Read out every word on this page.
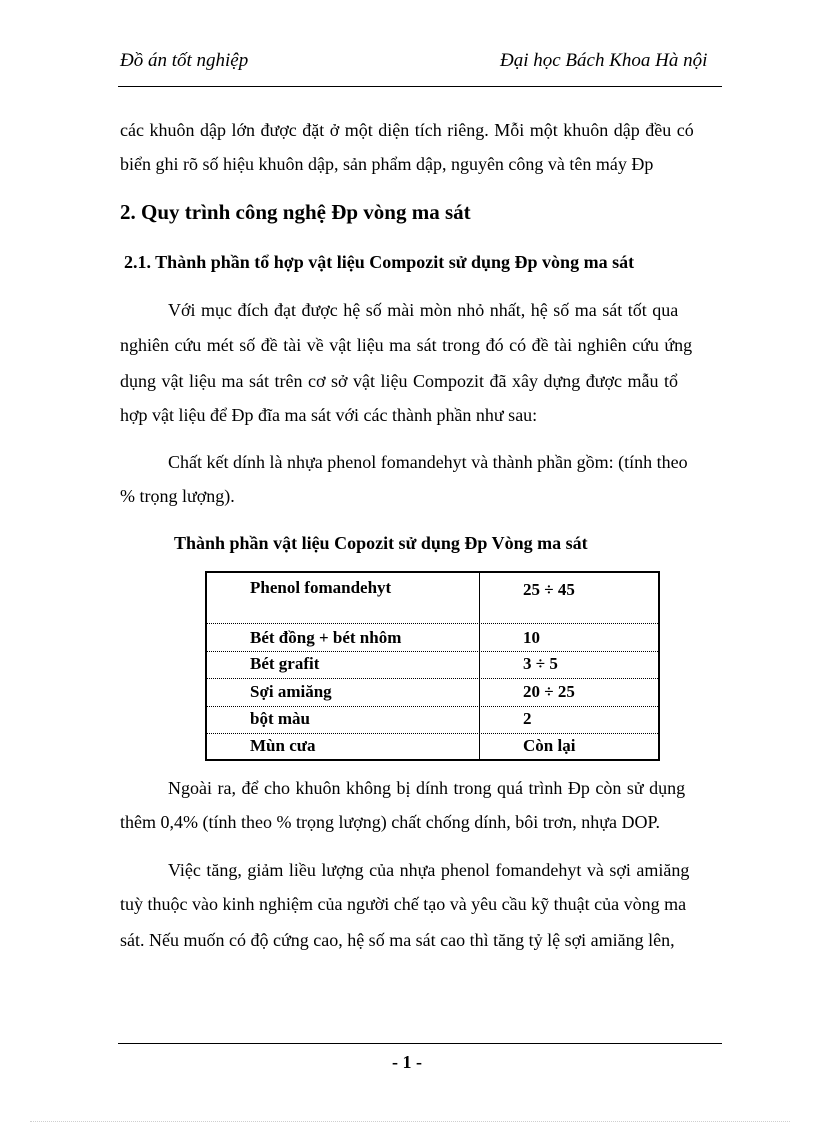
Đồ án tốt nghiệp	Đại học Bách Khoa Hà nội
các khuôn dập lớn được đặt ở một diện tích riêng. Mỗi một khuôn dập đều có
biển ghi rõ số hiệu khuôn dập, sản phẩm dập, nguyên công và tên máy Đp
2. Quy trình công nghệ Đp vòng ma sát
2.1. Thành phần tổ hợp vật liệu Compozit sử dụng Đp vòng ma sát
Với mục đích đạt được hệ số mài mòn nhỏ nhất, hệ số ma sát tốt qua
nghiên cứu mét số đề tài về vật liệu ma sát trong đó có đề tài nghiên cứu ứng
dụng vật liệu ma sát trên cơ sở vật liệu Compozit đã xây dựng được mẫu tổ
hợp vật liệu để Đp đĩa ma sát với các thành phần như sau:
Chất kết dính là nhựa phenol fomandehyt và thành phần gồm: (tính theo
% trọng lượng).
Thành phần vật liệu Copozit sử dụng Đp Vòng ma sát
Phenol fomandehyt	25 ÷ 45
Bét đồng + bét nhôm	10
Bét grafit	3 ÷ 5
Sợi amiăng	20 ÷ 25
bột màu	2
Mùn cưa	Còn lại
Ngoài ra, để cho khuôn không bị dính trong quá trình Đp còn sử dụng
thêm 0,4% (tính theo % trọng lượng) chất chống dính, bôi trơn, nhựa DOP.
Việc tăng, giảm liều lượng của nhựa phenol fomandehyt và sợi amiăng
tuỳ thuộc vào kinh nghiệm của người chế tạo và yêu cầu kỹ thuật của vòng ma
sát. Nếu muốn có độ cứng cao, hệ số ma sát cao thì tăng tỷ lệ sợi amiăng lên,
- 1 -
